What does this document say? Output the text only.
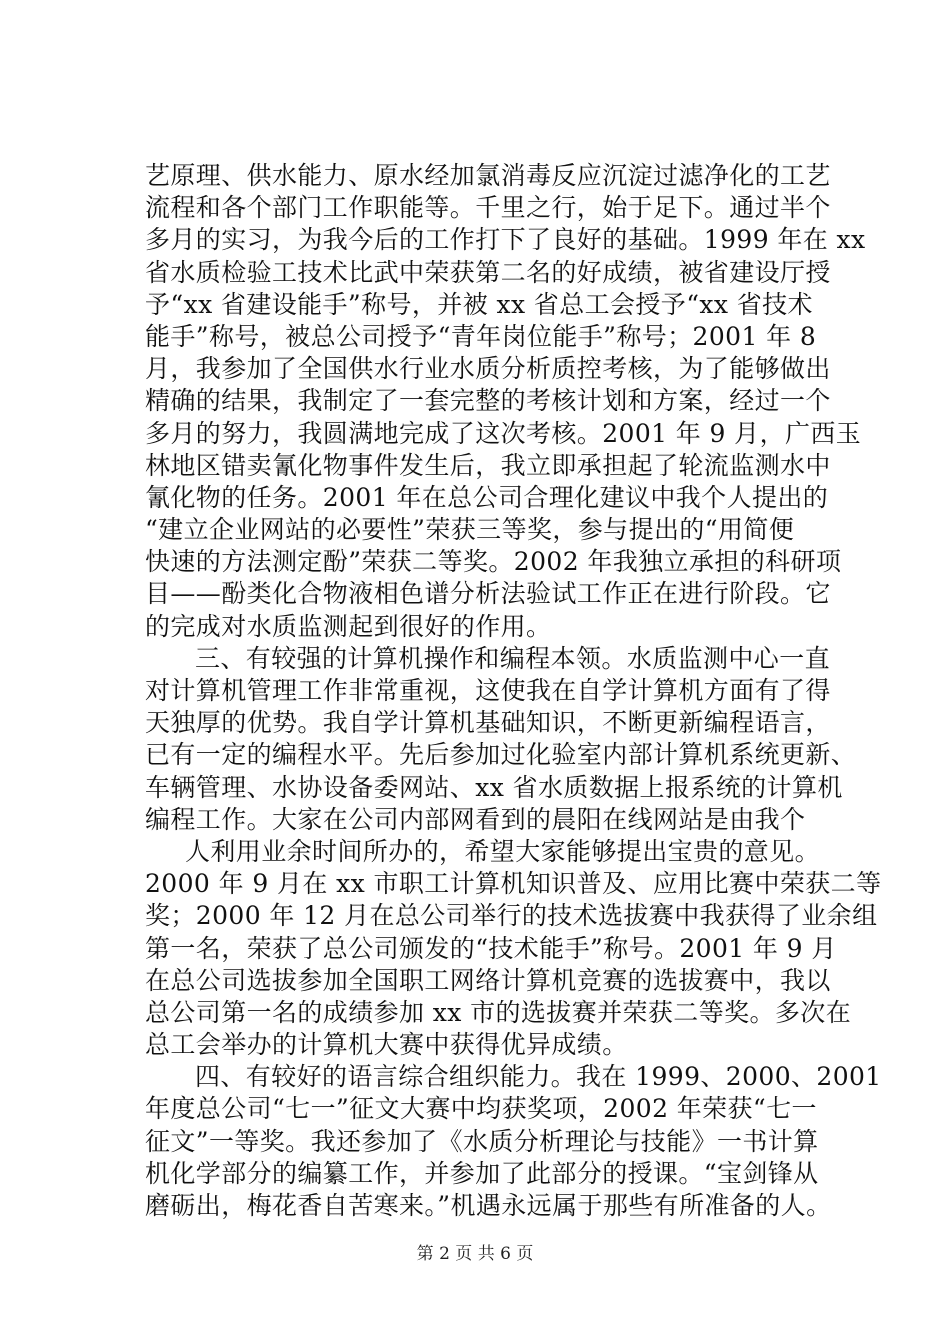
艺原理、供水能力、原水经加氯消毒反应沉淀过滤净化的工艺
流程和各个部门工作职能等。千里之行，始于足下。通过半个
多月的实习，为我今后的工作打下了良好的基础。1999 年在 xx
省水质检验工技术比武中荣获第二名的好成绩，被省建设厅授
予“xx 省建设能手”称号，并被 xx 省总工会授予“xx 省技术
能手”称号，被总公司授予“青年岗位能手”称号；2001 年 8
月，我参加了全国供水行业水质分析质控考核，为了能够做出
精确的结果，我制定了一套完整的考核计划和方案，经过一个
多月的努力，我圆满地完成了这次考核。2001 年 9 月，广西玉
林地区错卖氰化物事件发生后，我立即承担起了轮流监测水中
氰化物的任务。2001 年在总公司合理化建议中我个人提出的
“建立企业网站的必要性”荣获三等奖，参与提出的“用简便
快速的方法测定酚”荣获二等奖。2002 年我独立承担的科研项
目——酚类化合物液相色谱分析法验试工作正在进行阶段。它
的完成对水质监测起到很好的作用。
三、有较强的计算机操作和编程本领。水质监测中心一直
对计算机管理工作非常重视，这使我在自学计算机方面有了得
天独厚的优势。我自学计算机基础知识，不断更新编程语言，
已有一定的编程水平。先后参加过化验室内部计算机系统更新、
车辆管理、水协设备委网站、xx 省水质数据上报系统的计算机
编程工作。大家在公司内部网看到的晨阳在线网站是由我个
人利用业余时间所办的，希望大家能够提出宝贵的意见。
2000 年 9 月在 xx 市职工计算机知识普及、应用比赛中荣获二等
奖；2000 年 12 月在总公司举行的技术选拔赛中我获得了业余组
第一名，荣获了总公司颁发的“技术能手”称号。2001 年 9 月
在总公司选拔参加全国职工网络计算机竞赛的选拔赛中，我以
总公司第一名的成绩参加 xx 市的选拔赛并荣获二等奖。多次在
总工会举办的计算机大赛中获得优异成绩。
四、有较好的语言综合组织能力。我在 1999、2000、2001
年度总公司“七一”征文大赛中均获奖项，2002 年荣获“七一
征文”一等奖。我还参加了《水质分析理论与技能》一书计算
机化学部分的编纂工作，并参加了此部分的授课。“宝剑锋从
磨砺出，梅花香自苦寒来。”机遇永远属于那些有所准备的人。
第 2 页 共 6 页
